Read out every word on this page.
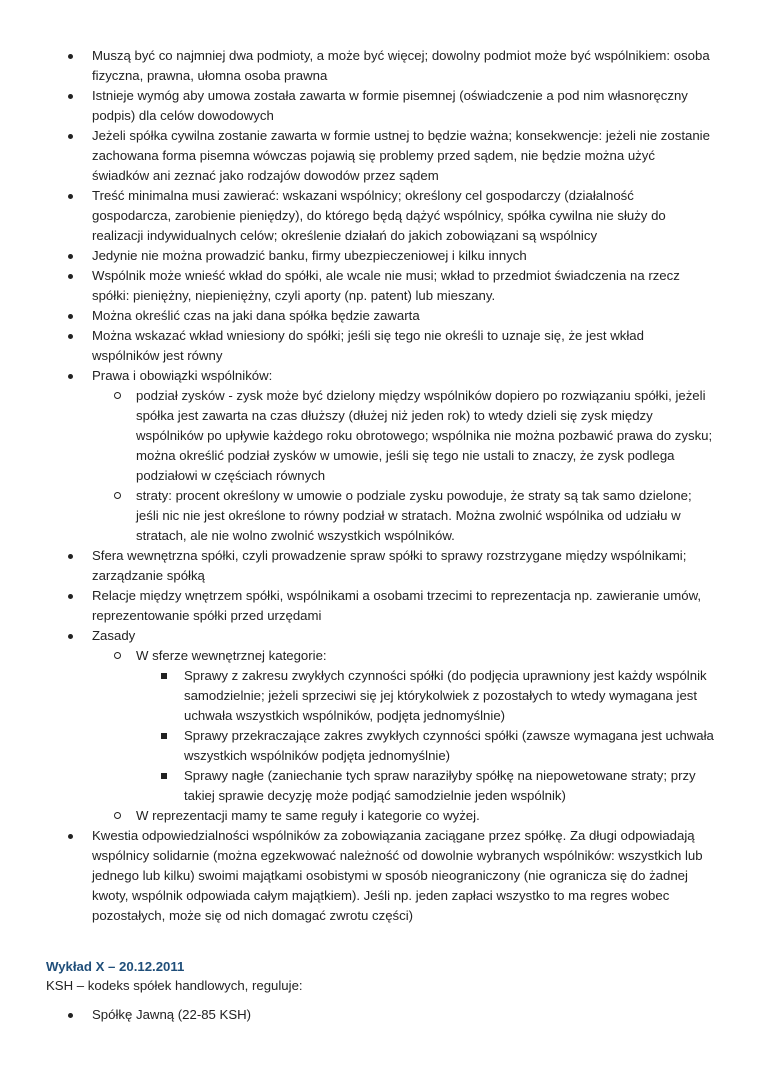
Muszą być co najmniej dwa podmioty, a może być więcej; dowolny podmiot może być wspólnikiem: osoba fizyczna, prawna, ułomna osoba prawna
Istnieje wymóg aby umowa została zawarta w formie pisemnej (oświadczenie a pod nim własnoręczny podpis) dla celów dowodowych
Jeżeli spółka cywilna zostanie zawarta w formie ustnej to będzie ważna; konsekwencje: jeżeli nie zostanie zachowana forma pisemna wówczas pojawią się problemy przed sądem, nie będzie można użyć świadków ani zeznać jako rodzajów dowodów przez sądem
Treść minimalna musi zawierać: wskazani wspólnicy; określony cel gospodarczy (działalność gospodarcza, zarobienie pieniędzy), do którego będą dążyć wspólnicy, spółka cywilna nie służy do realizacji indywidualnych celów; określenie działań do jakich zobowiązani są wspólnicy
Jedynie nie można prowadzić banku, firmy ubezpieczeniowej i kilku innych
Wspólnik może wnieść wkład do spółki, ale wcale nie musi; wkład to przedmiot świadczenia na rzecz spółki: pieniężny, niepieniężny, czyli aporty (np. patent) lub mieszany.
Można określić czas na jaki dana spółka będzie zawarta
Można wskazać wkład wniesiony do spółki; jeśli się tego nie określi to uznaje się, że jest wkład wspólników jest równy
Prawa i obowiązki wspólników:
podział zysków - zysk może być dzielony między wspólników dopiero po rozwiązaniu spółki, jeżeli spółka jest zawarta na czas dłuższy (dłużej niż jeden rok) to wtedy dzieli się zysk między wspólników po upływie każdego roku obrotowego; wspólnika nie można pozbawić prawa do zysku; można określić podział zysków w umowie, jeśli się tego nie ustali to znaczy, że zysk podlega podziałowi w częściach równych
straty: procent określony w umowie o podziale zysku powoduje, że straty są tak samo dzielone; jeśli nic nie jest określone to równy podział w stratach. Można zwolnić wspólnika od udziału w stratach, ale nie wolno zwolnić wszystkich wspólników.
Sfera wewnętrzna spółki, czyli prowadzenie spraw spółki to sprawy rozstrzygane między wspólnikami; zarządzanie spółką
Relacje między wnętrzem spółki, wspólnikami a osobami trzecimi to reprezentacja np. zawieranie umów, reprezentowanie spółki przed urzędami
Zasady
W sferze wewnętrznej kategorie:
Sprawy z zakresu zwykłych czynności spółki (do podjęcia uprawniony jest każdy wspólnik samodzielnie; jeżeli sprzeciwi się jej którykolwiek z pozostałych to wtedy wymagana jest uchwała wszystkich wspólników, podjęta jednomyślnie)
Sprawy przekraczające zakres zwykłych czynności spółki (zawsze wymagana jest uchwała wszystkich wspólników podjęta jednomyślnie)
Sprawy nagłe (zaniechanie tych spraw naraziłyby spółkę na niepowetowane straty; przy takiej sprawie decyzję może podjąć samodzielnie jeden wspólnik)
W reprezentacji mamy te same reguły i kategorie co wyżej.
Kwestia odpowiedzialności wspólników za zobowiązania zaciągane przez spółkę. Za długi odpowiadają wspólnicy solidarnie (można egzekwować należność od dowolnie wybranych wspólników: wszystkich lub jednego lub kilku) swoimi majątkami osobistymi w sposób nieograniczony (nie ogranicza się do żadnej kwoty, wspólnik odpowiada całym majątkiem). Jeśli np. jeden zapłaci wszystko to ma regres wobec pozostałych, może się od nich domagać zwrotu części)
Wykład X – 20.12.2011
KSH – kodeks spółek handlowych, reguluje:
Spółkę Jawną (22-85 KSH)
